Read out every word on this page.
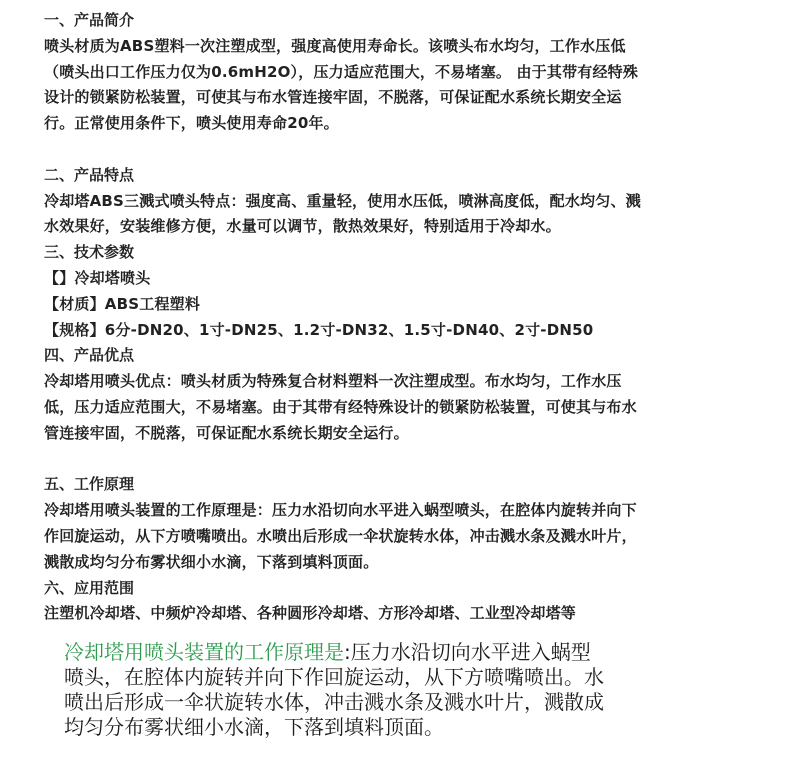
一、产品简介
喷头材质为ABS塑料一次注塑成型，强度高使用寿命长。该喷头布水均匀，工作水压低
（喷头出口工作压力仅为0.6mH2O），压力适应范围大，不易堵塞。 由于其带有经特殊
设计的锁紧防松装置，可使其与布水管连接牢固，不脱落，可保证配水系统长期安全运
行。正常使用条件下，喷头使用寿命20年。
二、产品特点
冷却塔ABS三溅式喷头特点：强度高、重量轻，使用水压低，喷淋高度低，配水均匀、溅
水效果好，安装维修方便，水量可以调节，散热效果好，特别适用于冷却水。
三、技术参数
【】冷却塔喷头
【材质】ABS工程塑料
【规格】6分-DN20、1寸-DN25、1.2寸-DN32、1.5寸-DN40、2寸-DN50
四、产品优点
冷却塔用喷头优点：喷头材质为特殊复合材料塑料一次注塑成型。布水均匀，工作水压
低，压力适应范围大，不易堵塞。由于其带有经特殊设计的锁紧防松装置，可使其与布水
管连接牢固，不脱落，可保证配水系统长期安全运行。
五、工作原理
冷却塔用喷头装置的工作原理是：压力水沿切向水平进入蜗型喷头，在腔体内旋转并向下
作回旋运动，从下方喷嘴喷出。水喷出后形成一伞状旋转水体，冲击溅水条及溅水叶片，
溅散成均匀分布雾状细小水滴，下落到填料顶面。
六、应用范围
注塑机冷却塔、中频炉冷却塔、各种圆形冷却塔、方形冷却塔、工业型冷却塔等
冷却塔用喷头装置的工作原理是:压力水沿切向水平进入蜗型
喷头，在腔体内旋转并向下作回旋运动，从下方喷嘴喷出。水
喷出后形成一伞状旋转水体，冲击溅水条及溅水叶片，溅散成
均匀分布雾状细小水滴，下落到填料顶面。
